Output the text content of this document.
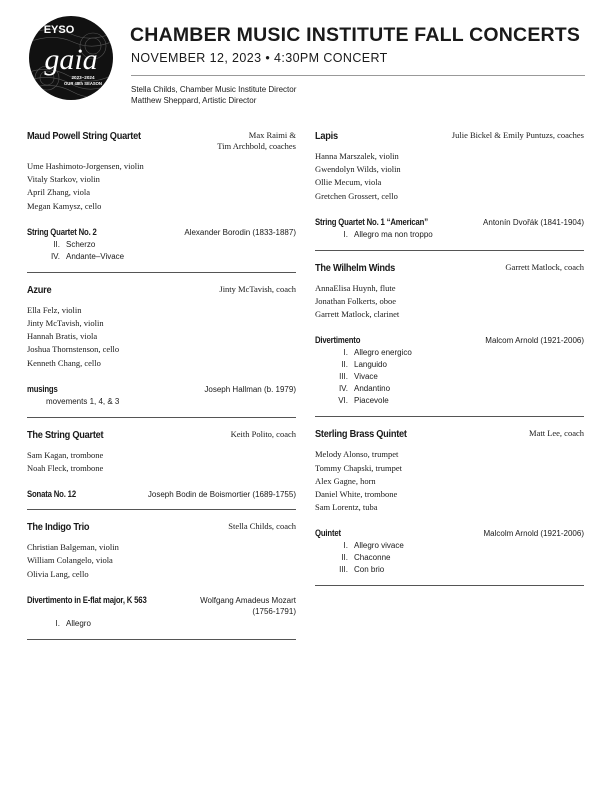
EYSO
gaia
2023–2024
OUR 48th SEASON
CHAMBER MUSIC INSTITUTE FALL CONCERTS
NOVEMBER 12, 2023 • 4:30PM CONCERT
Stella Childs, Chamber Music Institute Director
Matthew Sheppard, Artistic Director
Maud Powell String Quartet	Max Raimi &
Tim Archbold, coaches
Ume Hashimoto-Jorgensen, violin
Vitaly Starkov, violin
April Zhang, viola
Megan Kamysz, cello
String Quartet No. 2	Alexander Borodin (1833-1887)
II. Scherzo
IV. Andante–Vivace
Azure	Jinty McTavish, coach
Ella Felz, violin
Jinty McTavish, violin
Hannah Bratis, viola
Joshua Thornstenson, cello
Kenneth Chang, cello
musings	Joseph Hallman (b. 1979)
movements 1, 4, & 3
The String Quartet	Keith Polito, coach
Sam Kagan, trombone
Noah Fleck, trombone
Sonata No. 12	Joseph Bodin de Boismortier (1689-1755)
The Indigo Trio	Stella Childs, coach
Christian Balgeman, violin
William Colangelo, viola
Olivia Lang, cello
Divertimento in E-flat major, K 563	Wolfgang Amadeus Mozart
(1756-1791)
I. Allegro
Lapis	Julie Bickel & Emily Puntuzs, coaches
Hanna Marszalek, violin
Gwendolyn Wilds, violin
Ollie Mecum, viola
Gretchen Grossert, cello
String Quartet No. 1 “American”	Antonín Dvořák (1841-1904)
I. Allegro ma non troppo
The Wilhelm Winds	Garrett Matlock, coach
AnnaElisa Huynh, flute
Jonathan Folkerts, oboe
Garrett Matlock, clarinet
Divertimento	Malcom Arnold (1921-2006)
I. Allegro energico
II. Languido
III. Vivace
IV. Andantino
VI. Piacevole
Sterling Brass Quintet	Matt Lee, coach
Melody Alonso, trumpet
Tommy Chapski, trumpet
Alex Gagne, horn
Daniel White, trombone
Sam Lorentz, tuba
Quintet	Malcolm Arnold (1921-2006)
I. Allegro vivace
II. Chaconne
III. Con brio
